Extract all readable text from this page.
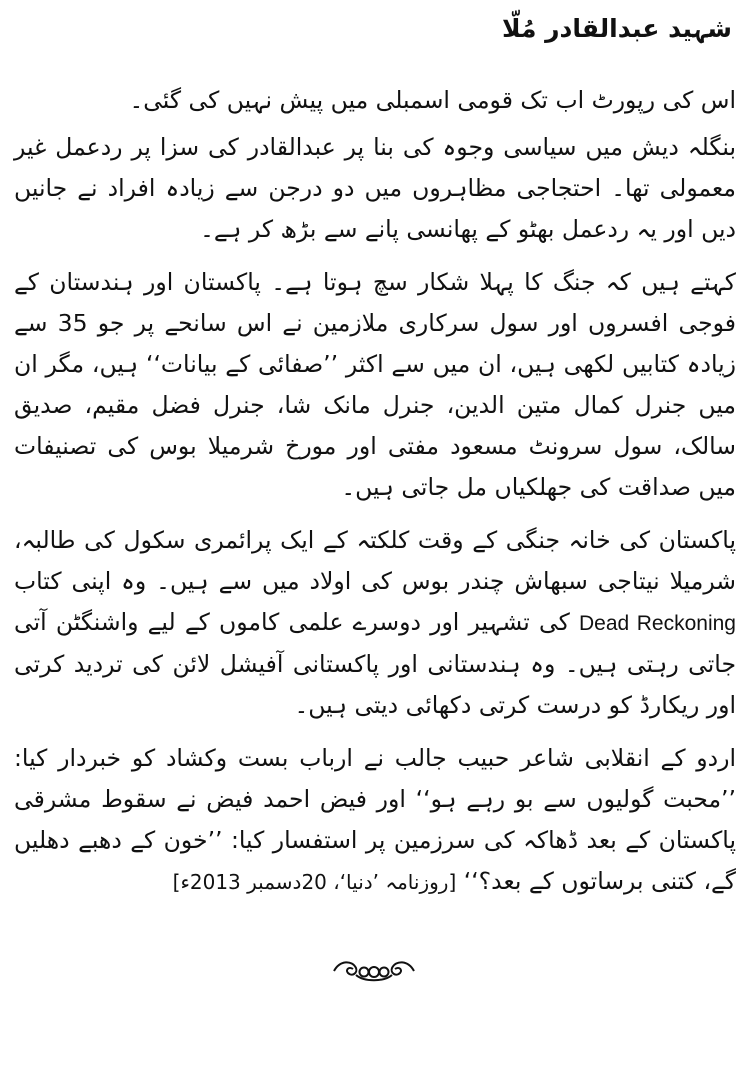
شہید عبدالقادر مُلّا

اس کی رپورٹ اب تک قومی اسمبلی میں پیش نہیں کی گئی۔

بنگلہ دیش میں سیاسی وجوہ کی بنا پر عبدالقادر کی سزا پر ردعمل غیر معمولی تھا۔ احتجاجی مظاہروں میں دو درجن سے زیادہ افراد نے جانیں دیں اور یہ ردعمل بھٹو کے پھانسی پانے سے بڑھ کر ہے۔

کہتے ہیں کہ جنگ کا پہلا شکار سچ ہوتا ہے۔ پاکستان اور ہندستان کے فوجی افسروں اور سول سرکاری ملازمین نے اس سانحے پر جو 35 سے زیادہ کتابیں لکھی ہیں، ان میں سے اکثر ’’صفائی کے بیانات‘‘ ہیں، مگر ان میں جنرل کمال متین الدین، جنرل مانک شا، جنرل فضل مقیم، صدیق سالک، سول سرونٹ مسعود مفتی اور مورخ شرمیلا بوس کی تصنیفات میں صداقت کی جھلکیاں مل جاتی ہیں۔

پاکستان کی خانہ جنگی کے وقت کلکتہ کے ایک پرائمری سکول کی طالبہ، شرمیلا نیتاجی سبھاش چندر بوس کی اولاد میں سے ہیں۔ وہ اپنی کتاب Dead Reckoning کی تشہیر اور دوسرے علمی کاموں کے لیے واشنگٹن آتی جاتی رہتی ہیں۔ وہ ہندستانی اور پاکستانی آفیشل لائن کی تردید کرتی اور ریکارڈ کو درست کرتی دکھائی دیتی ہیں۔

اردو کے انقلابی شاعر حبیب جالب نے ارباب بست وکشاد کو خبردار کیا: ’’محبت گولیوں سے بو رہے ہو‘‘ اور فیض احمد فیض نے سقوط مشرقی پاکستان کے بعد ڈھاکہ کی سرزمین پر استفسار کیا: ’’خون کے دھبے دھلیں گے، کتنی برساتوں کے بعد؟‘‘ [روزنامہ ’دنیا‘، 20دسمبر 2013ء]
